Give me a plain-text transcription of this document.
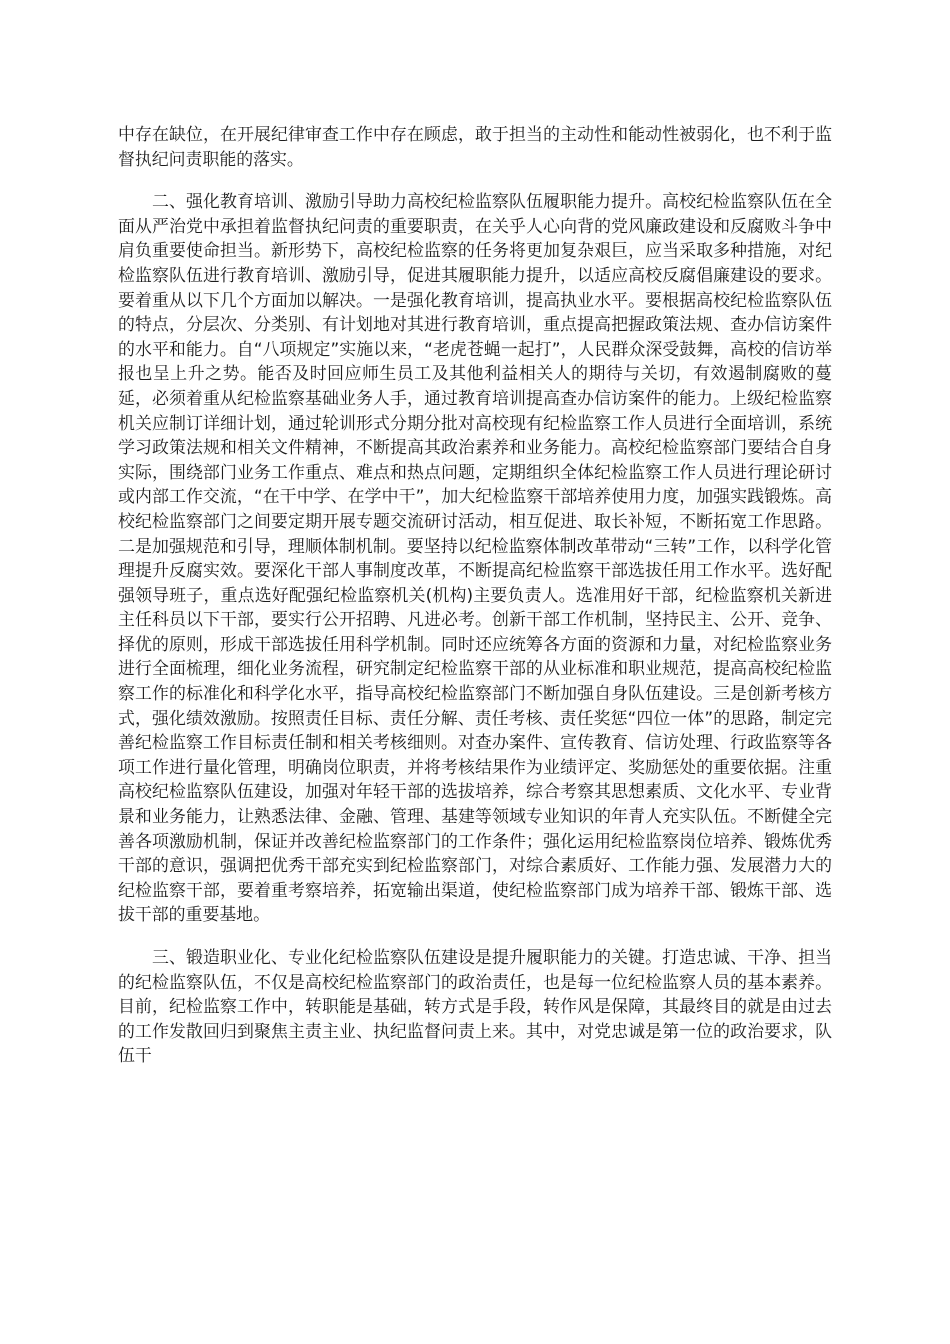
中存在缺位，在开展纪律审查工作中存在顾虑，敢于担当的主动性和能动性被弱化，也不利于监督执纪问责职能的落实。

二、强化教育培训、激励引导助力高校纪检监察队伍履职能力提升。高校纪检监察队伍在全面从严治党中承担着监督执纪问责的重要职责，在关乎人心向背的党风廉政建设和反腐败斗争中肩负重要使命担当。新形势下，高校纪检监察的任务将更加复杂艰巨，应当采取多种措施，对纪检监察队伍进行教育培训、激励引导，促进其履职能力提升，以适应高校反腐倡廉建设的要求。要着重从以下几个方面加以解决。一是强化教育培训，提高执业水平。要根据高校纪检监察队伍的特点，分层次、分类别、有计划地对其进行教育培训，重点提高把握政策法规、查办信访案件的水平和能力。自“八项规定”实施以来，“老虎苍蝇一起打”，人民群众深受鼓舞，高校的信访举报也呈上升之势。能否及时回应师生员工及其他利益相关人的期待与关切，有效遏制腐败的蔓延，必须着重从纪检监察基础业务人手，通过教育培训提高查办信访案件的能力。上级纪检监察机关应制订详细计划，通过轮训形式分期分批对高校现有纪检监察工作人员进行全面培训，系统学习政策法规和相关文件精神，不断提高其政治素养和业务能力。高校纪检监察部门要结合自身实际，围绕部门业务工作重点、难点和热点问题，定期组织全体纪检监察工作人员进行理论研讨或内部工作交流，“在干中学、在学中干”，加大纪检监察干部培养使用力度，加强实践锻炼。高校纪检监察部门之间要定期开展专题交流研讨活动，相互促进、取长补短，不断拓宽工作思路。二是加强规范和引导，理顺体制机制。要坚持以纪检监察体制改革带动“三转”工作，以科学化管理提升反腐实效。要深化干部人事制度改革，不断提高纪检监察干部选拔任用工作水平。选好配强领导班子，重点选好配强纪检监察机关(机构)主要负责人。选准用好干部，纪检监察机关新进主任科员以下干部，要实行公开招聘、凡进必考。创新干部工作机制，坚持民主、公开、竞争、择优的原则，形成干部选拔任用科学机制。同时还应统筹各方面的资源和力量，对纪检监察业务进行全面梳理，细化业务流程，研究制定纪检监察干部的从业标准和职业规范，提高高校纪检监察工作的标准化和科学化水平，指导高校纪检监察部门不断加强自身队伍建设。三是创新考核方式，强化绩效激励。按照责任目标、责任分解、责任考核、责任奖惩“四位一体”的思路，制定完善纪检监察工作目标责任制和相关考核细则。对查办案件、宣传教育、信访处理、行政监察等各项工作进行量化管理，明确岗位职责，并将考核结果作为业绩评定、奖励惩处的重要依据。注重高校纪检监察队伍建设，加强对年轻干部的选拔培养，综合考察其思想素质、文化水平、专业背景和业务能力，让熟悉法律、金融、管理、基建等领域专业知识的年青人充实队伍。不断健全完善各项激励机制，保证并改善纪检监察部门的工作条件；强化运用纪检监察岗位培养、锻炼优秀干部的意识，强调把优秀干部充实到纪检监察部门，对综合素质好、工作能力强、发展潜力大的纪检监察干部，要着重考察培养，拓宽输出渠道，使纪检监察部门成为培养干部、锻炼干部、选拔干部的重要基地。

三、锻造职业化、专业化纪检监察队伍建设是提升履职能力的关键。打造忠诚、干净、担当的纪检监察队伍，不仅是高校纪检监察部门的政治责任，也是每一位纪检监察人员的基本素养。目前，纪检监察工作中，转职能是基础，转方式是手段，转作风是保障，其最终目的就是由过去的工作发散回归到聚焦主责主业、执纪监督问责上来。其中，对党忠诚是第一位的政治要求，队伍干
